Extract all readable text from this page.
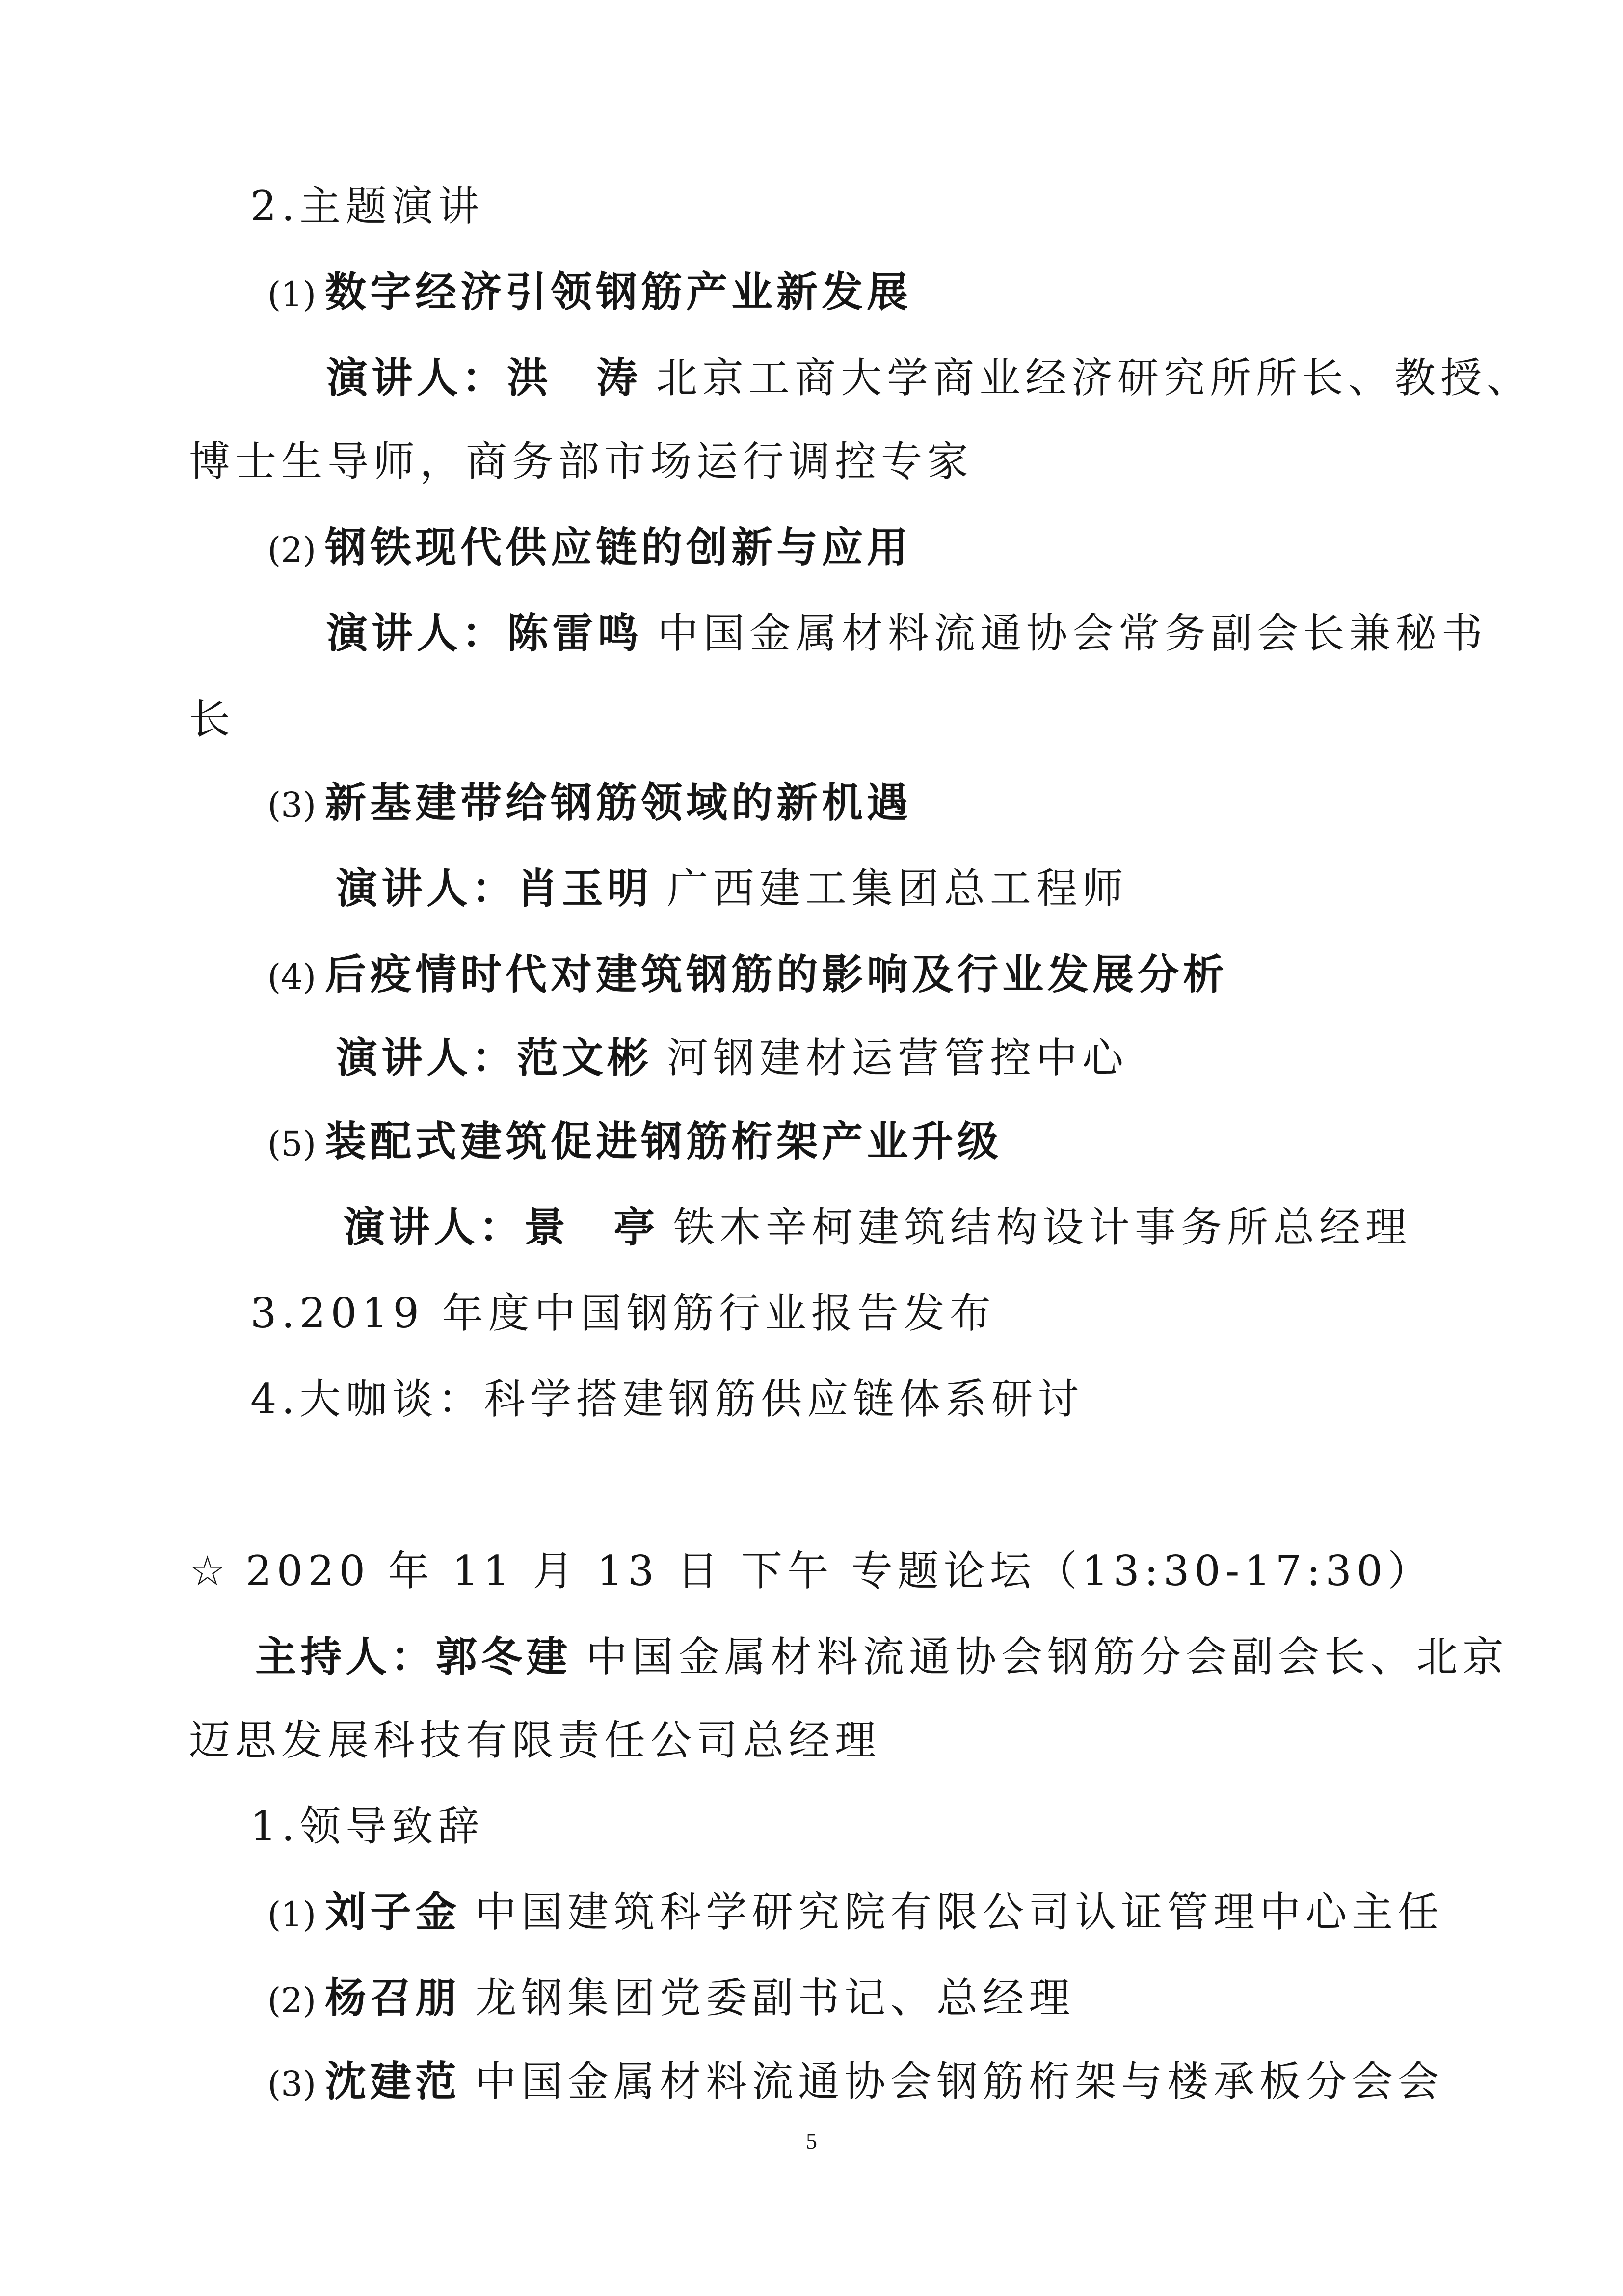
2.主题演讲

(1) 数字经济引领钢筋产业新发展

演讲人：洪 涛 北京工商大学商业经济研究所所长、教授、

博士生导师，商务部市场运行调控专家

(2) 钢铁现代供应链的创新与应用

演讲人：陈雷鸣 中国金属材料流通协会常务副会长兼秘书

长

(3) 新基建带给钢筋领域的新机遇

演讲人：肖玉明 广西建工集团总工程师

(4) 后疫情时代对建筑钢筋的影响及行业发展分析

演讲人：范文彬 河钢建材运营管控中心

(5) 装配式建筑促进钢筋桁架产业升级

演讲人：景 亭 铁木辛柯建筑结构设计事务所总经理

3.2019 年度中国钢筋行业报告发布

4.大咖谈：科学搭建钢筋供应链体系研讨

☆ 2020 年 11 月 13 日 下午 专题论坛（13:30-17:30）

主持人：郭冬建 中国金属材料流通协会钢筋分会副会长、北京

迈思发展科技有限责任公司总经理

1.领导致辞

(1) 刘子金 中国建筑科学研究院有限公司认证管理中心主任

(2) 杨召朋 龙钢集团党委副书记、总经理

(3) 沈建范 中国金属材料流通协会钢筋桁架与楼承板分会会

5
